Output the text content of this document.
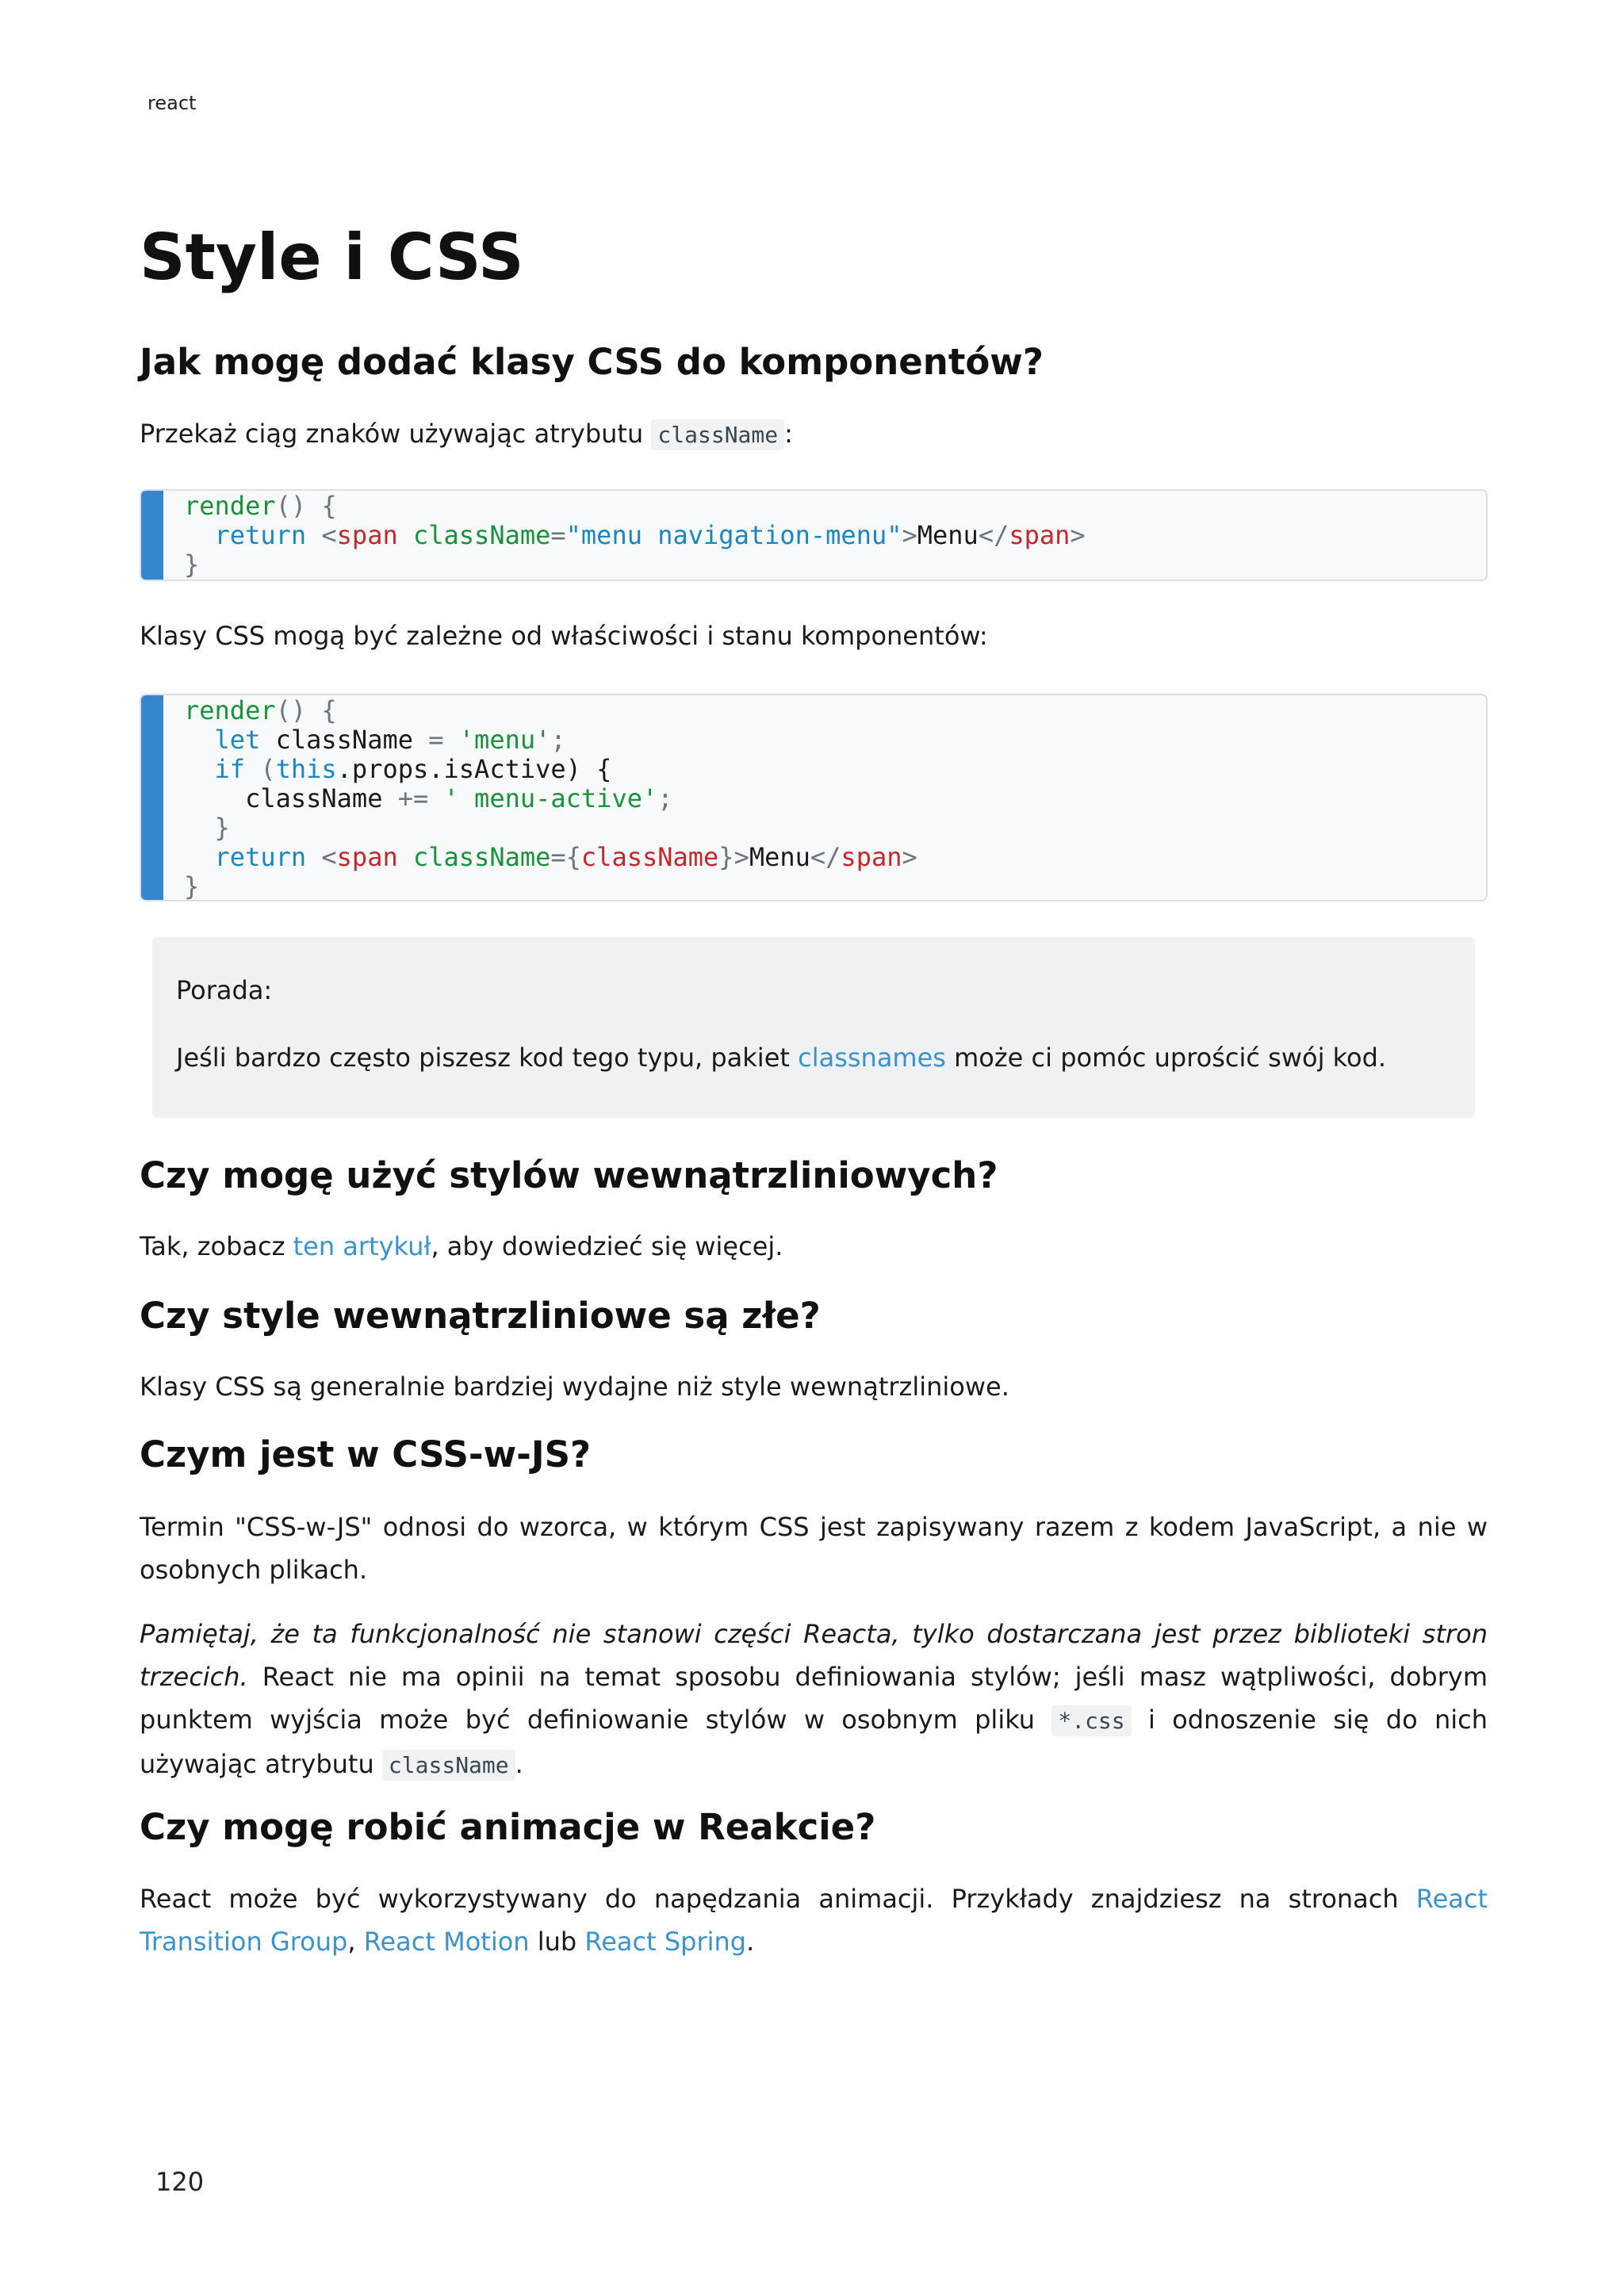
react
Style i CSS
Jak mogę dodać klasy CSS do komponentów?

Przekaż ciąg znaków używając atrybutu className :

render() {
return <span className="menu navigation-menu">Menu</span>
}

Klasy CSS mogą być zależne od właściwości i stanu komponentów:

render() {
let className = 'menu';
if (this.props.isActive) {
className += ' menu-active';
}
return <span className={className}>Menu</span>
}
Porada:
Jeśli bardzo często piszesz kod tego typu, pakiet classnames może ci pomóc uprościć swój kod.
Czy mogę użyć stylów wewnątrzliniowych?

Tak, zobacz ten artykuł, aby dowiedzieć się więcej.

Czy style wewnątrzliniowe są złe?

Klasy CSS są generalnie bardziej wydajne niż style wewnątrzliniowe.

Czym jest w CSS-w-JS?

Termin "CSS-w-JS" odnosi do wzorca, w którym CSS jest zapisywany razem z kodem JavaScript, a nie w osobnych plikach.

Pamiętaj, że ta funkcjonalność nie stanowi części Reacta, tylko dostarczana jest przez biblioteki stron trzecich. React nie ma opinii na temat sposobu definiowania stylów; jeśli masz wątpliwości, dobrym punktem wyjścia może być definiowanie stylów w osobnym pliku *.css i odnoszenie się do nich używając atrybutu className .

Czy mogę robić animacje w Reakcie?

React może być wykorzystywany do napędzania animacji. Przykłady znajdziesz na stronach React Transition Group, React Motion lub React Spring.

120
